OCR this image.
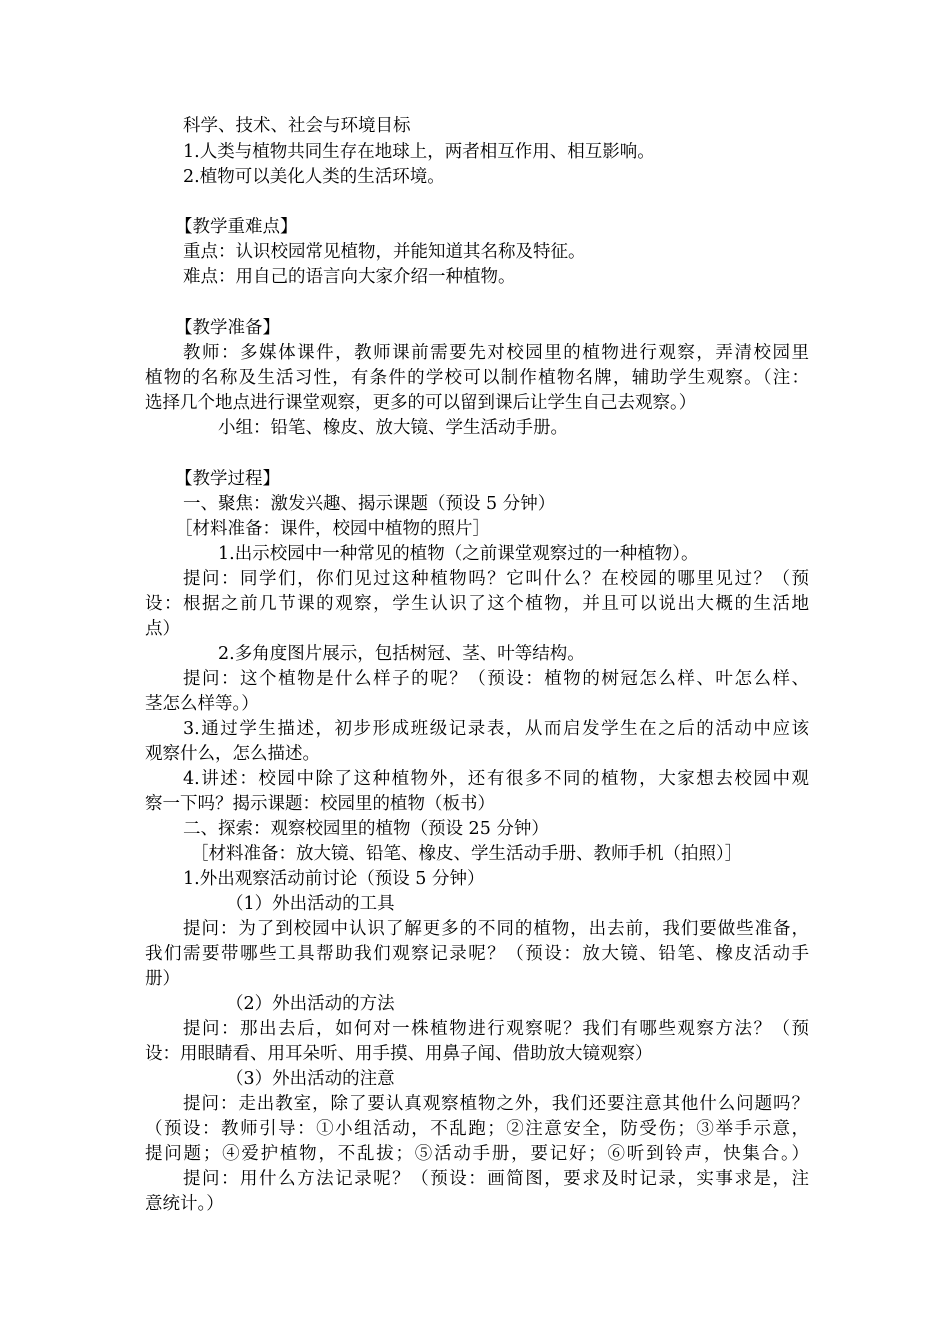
科学、技术、社会与环境目标
1.人类与植物共同生存在地球上，两者相互作用、相互影响。
2.植物可以美化人类的生活环境。
【教学重难点】
重点：认识校园常见植物，并能知道其名称及特征。
难点：用自己的语言向大家介绍一种植物。
【教学准备】
教师：多媒体课件，教师课前需要先对校园里的植物进行观察，弄清校园里
植物的名称及生活习性，有条件的学校可以制作植物名牌，辅助学生观察。（注：
选择几个地点进行课堂观察，更多的可以留到课后让学生自己去观察。）
小组：铅笔、橡皮、放大镜、学生活动手册。
【教学过程】
一、聚焦：激发兴趣、揭示课题（预设 5 分钟）
［材料准备：课件，校园中植物的照片］
1.出示校园中一种常见的植物（之前课堂观察过的一种植物）。
提问：同学们，你们见过这种植物吗？它叫什么？在校园的哪里见过？（预
设：根据之前几节课的观察，学生认识了这个植物，并且可以说出大概的生活地
点）
2.多角度图片展示，包括树冠、茎、叶等结构。
提问：这个植物是什么样子的呢？（预设：植物的树冠怎么样、叶怎么样、
茎怎么样等。）
3.通过学生描述，初步形成班级记录表，从而启发学生在之后的活动中应该
观察什么，怎么描述。
4.讲述：校园中除了这种植物外，还有很多不同的植物，大家想去校园中观
察一下吗？揭示课题：校园里的植物（板书）
二、探索：观察校园里的植物（预设 25 分钟）
［材料准备：放大镜、铅笔、橡皮、学生活动手册、教师手机（拍照）］
1.外出观察活动前讨论（预设 5 分钟）
（1）外出活动的工具
提问：为了到校园中认识了解更多的不同的植物，出去前，我们要做些准备，
我们需要带哪些工具帮助我们观察记录呢？（预设：放大镜、铅笔、橡皮活动手
册）
（2）外出活动的方法
提问：那出去后，如何对一株植物进行观察呢？我们有哪些观察方法？（预
设：用眼睛看、用耳朵听、用手摸、用鼻子闻、借助放大镜观察）
（3）外出活动的注意
提问：走出教室，除了要认真观察植物之外，我们还要注意其他什么问题吗？
（预设：教师引导：①小组活动，不乱跑；②注意安全，防受伤；③举手示意，
提问题；④爱护植物，不乱拔；⑤活动手册，要记好；⑥听到铃声，快集合。）
提问：用什么方法记录呢？（预设：画简图，要求及时记录，实事求是，注
意统计。）
